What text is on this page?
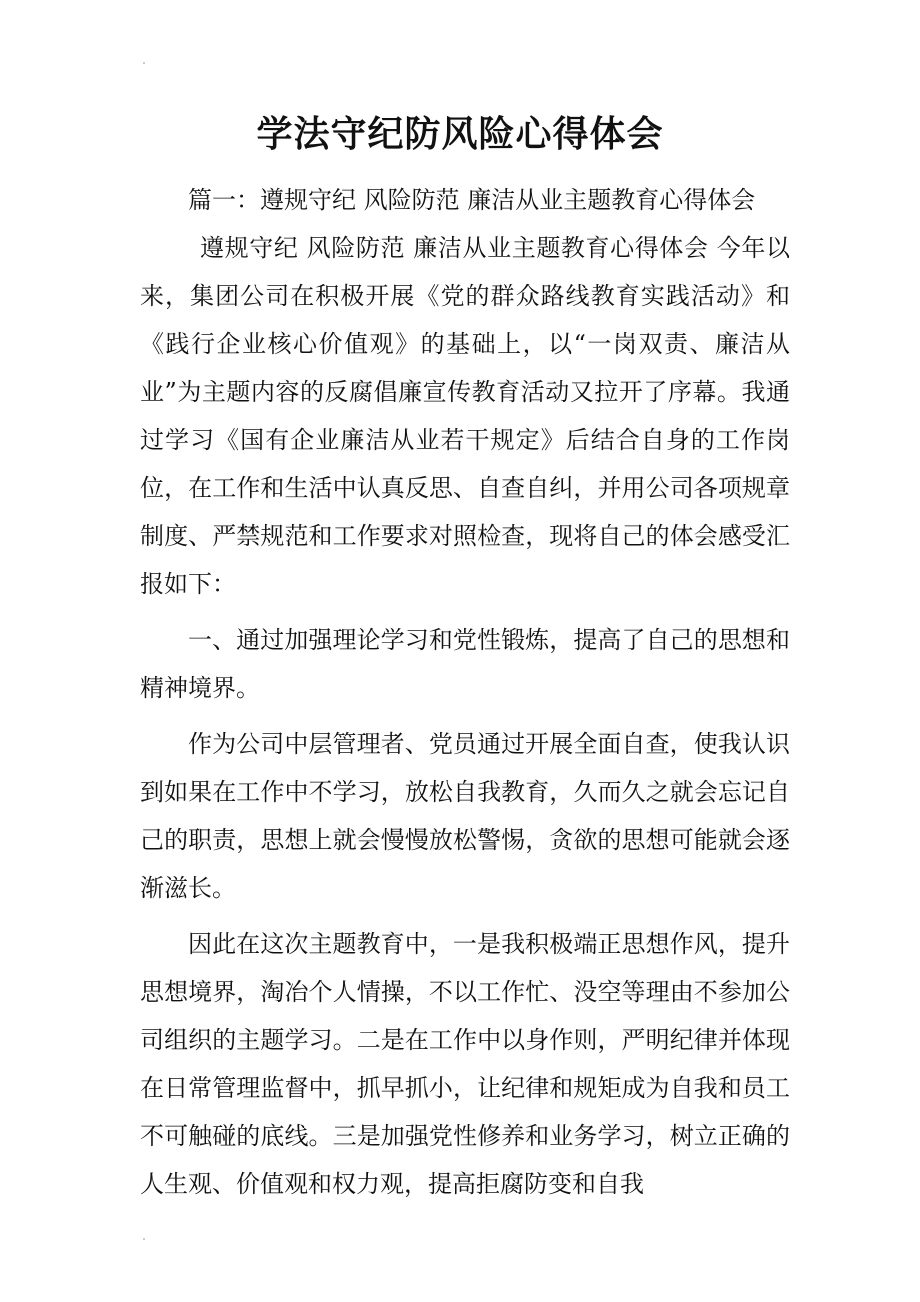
学法守纪防风险心得体会

篇一：遵规守纪 风险防范 廉洁从业主题教育心得体会

遵规守纪 风险防范 廉洁从业主题教育心得体会 今年以来，集团公司在积极开展《党的群众路线教育实践活动》和《践行企业核心价值观》的基础上，以“一岗双责、廉洁从业”为主题内容的反腐倡廉宣传教育活动又拉开了序幕。我通过学习《国有企业廉洁从业若干规定》后结合自身的工作岗位，在工作和生活中认真反思、自查自纠，并用公司各项规章制度、严禁规范和工作要求对照检查，现将自己的体会感受汇报如下：

一、通过加强理论学习和党性锻炼，提高了自己的思想和精神境界。

作为公司中层管理者、党员通过开展全面自查，使我认识到如果在工作中不学习，放松自我教育，久而久之就会忘记自己的职责，思想上就会慢慢放松警惕，贪欲的思想可能就会逐渐滋长。

因此在这次主题教育中，一是我积极端正思想作风，提升思想境界，淘冶个人情操，不以工作忙、没空等理由不参加公司组织的主题学习。二是在工作中以身作则，严明纪律并体现在日常管理监督中，抓早抓小，让纪律和规矩成为自我和员工不可触碰的底线。三是加强党性修养和业务学习，树立正确的人生观、价值观和权力观，提高拒腐防变和自我
